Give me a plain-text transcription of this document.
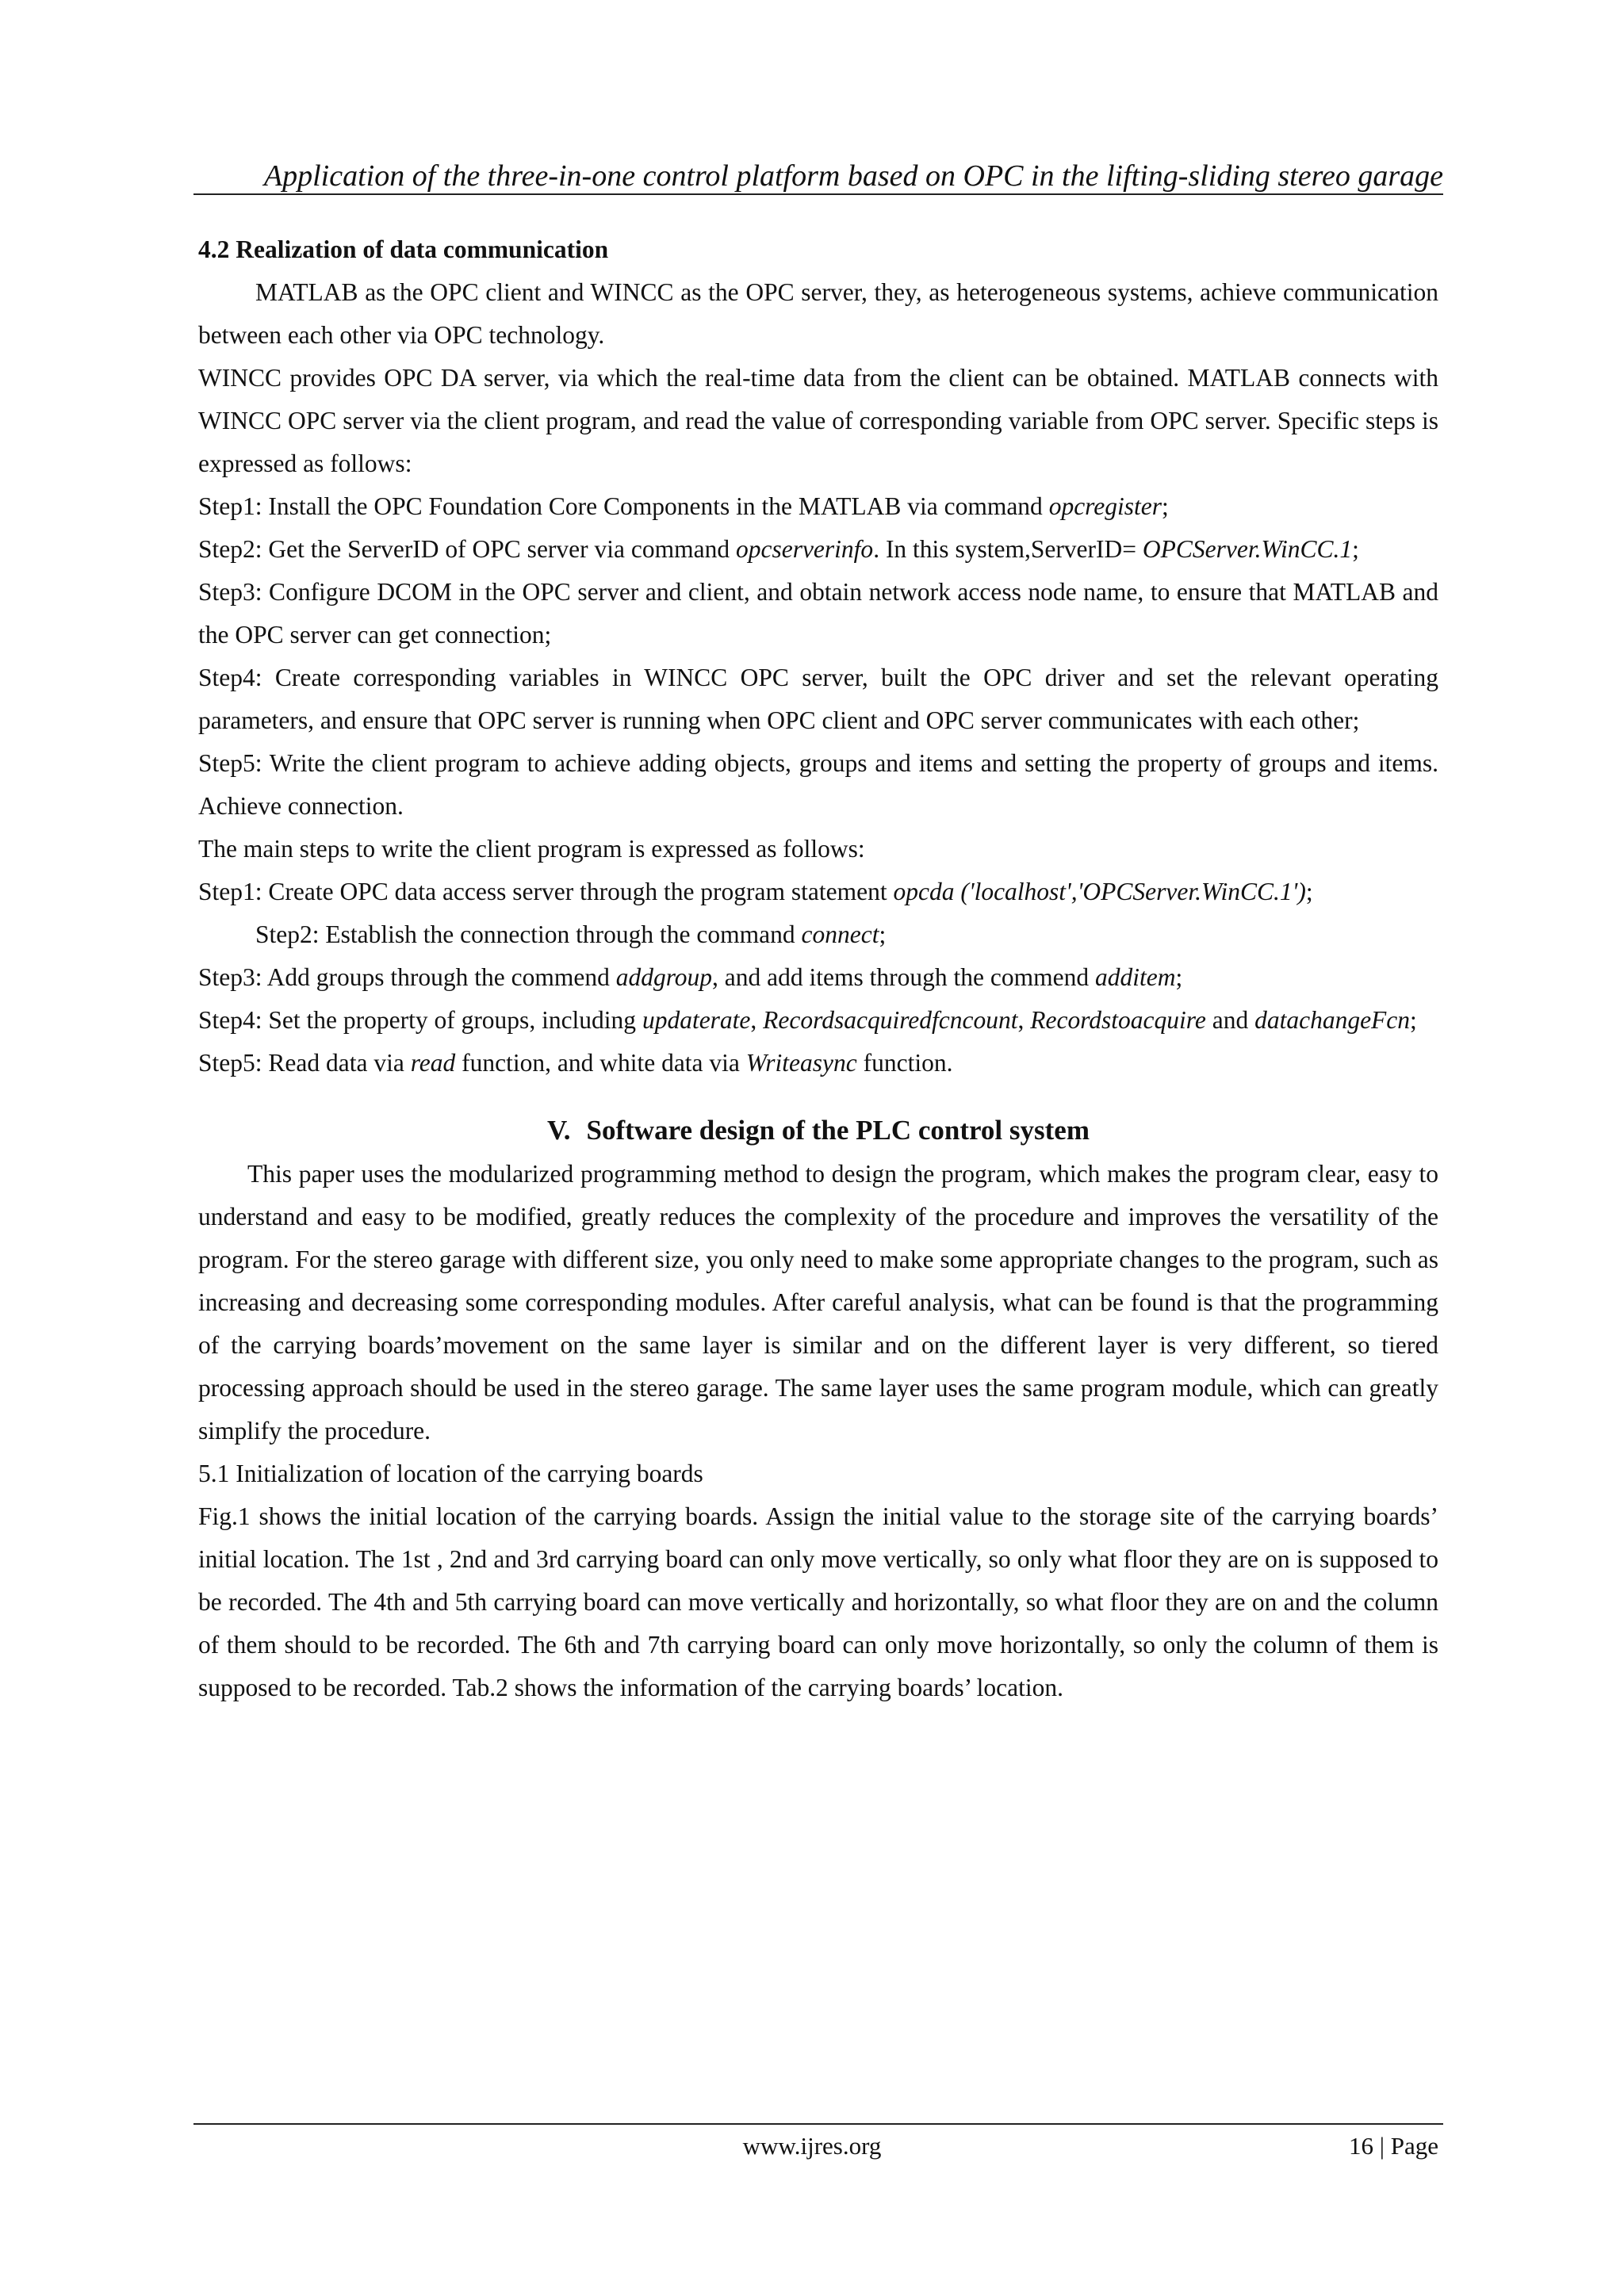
Application of the three-in-one control platform based on OPC in the lifting-sliding stereo garage

4.2 Realization of data communication

MATLAB as the OPC client and WINCC as the OPC server, they, as heterogeneous systems, achieve communication between each other via OPC technology.

WINCC provides OPC DA server, via which the real-time data from the client can be obtained. MATLAB connects with WINCC OPC server via the client program, and read the value of corresponding variable from OPC server. Specific steps is expressed as follows:

Step1: Install the OPC Foundation Core Components in the MATLAB via command opcregister;

Step2: Get the ServerID of OPC server via command opcserverinfo. In this system,ServerID= OPCServer.WinCC.1;

Step3: Configure DCOM in the OPC server and client, and obtain network access node name, to ensure that MATLAB and the OPC server can get connection;

Step4: Create corresponding variables in WINCC OPC server, built the OPC driver and set the relevant operating parameters, and ensure that OPC server is running when OPC client and OPC server communicates with each other;

Step5: Write the client program to achieve adding objects, groups and items and setting the property of groups and items. Achieve connection.

The main steps to write the client program is expressed as follows:

Step1: Create OPC data access server through the program statement opcda ('localhost','OPCServer.WinCC.1');

Step2: Establish the connection through the command connect;

Step3: Add groups through the commend addgroup, and add items through the commend additem;

Step4: Set the property of groups, including updaterate, Recordsacquiredfcncount, Recordstoacquire and datachangeFcn;

Step5: Read data via read function, and white data via Writeasync function.

V. Software design of the PLC control system

This paper uses the modularized programming method to design the program, which makes the program clear, easy to understand and easy to be modified, greatly reduces the complexity of the procedure and improves the versatility of the program. For the stereo garage with different size, you only need to make some appropriate changes to the program, such as increasing and decreasing some corresponding modules. After careful analysis, what can be found is that the programming of the carrying boards’movement on the same layer is similar and on the different layer is very different, so tiered processing approach should be used in the stereo garage. The same layer uses the same program module, which can greatly simplify the procedure.

5.1 Initialization of location of the carrying boards

Fig.1 shows the initial location of the carrying boards. Assign the initial value to the storage site of the carrying boards’ initial location. The 1st , 2nd and 3rd carrying board can only move vertically, so only what floor they are on is supposed to be recorded. The 4th and 5th carrying board can move vertically and horizontally, so what floor they are on and the column of them should to be recorded. The 6th and 7th carrying board can only move horizontally, so only the column of them is supposed to be recorded. Tab.2 shows the information of the carrying boards’ location.

www.ijres.org	16 | Page
